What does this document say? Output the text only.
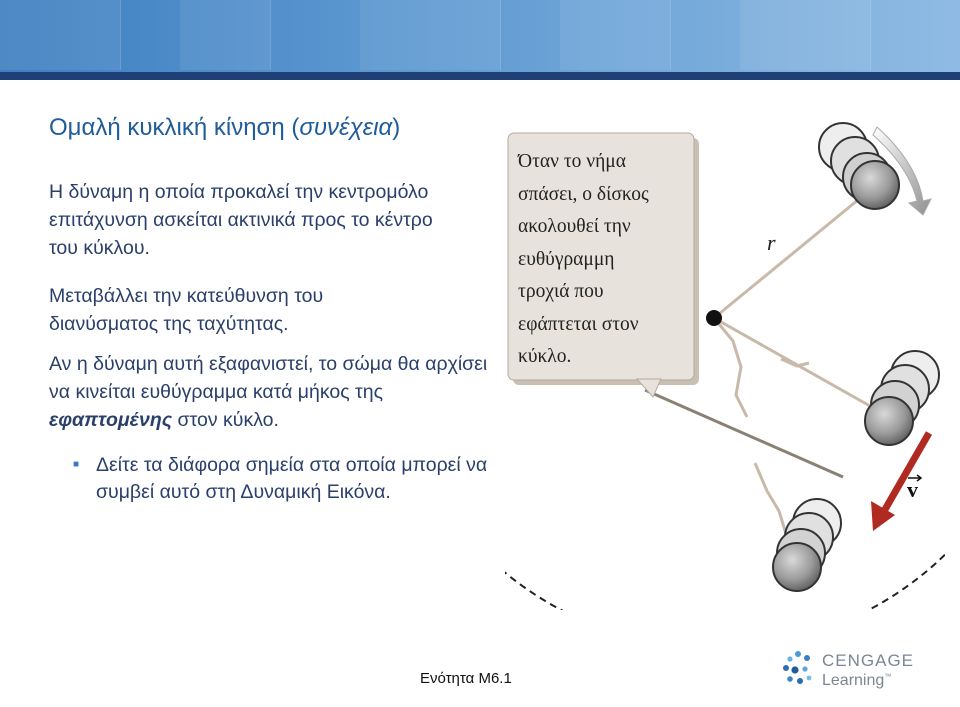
Ομαλή κυκλική κίνηση (συνέχεια)

Η δύναμη η οποία προκαλεί την κεντρομόλο επιτάχυνση ασκείται ακτινικά προς το κέντρο του κύκλου.

Μεταβάλλει την κατεύθυνση του διανύσματος της ταχύτητας.

Αν η δύναμη αυτή εξαφανιστεί, το σώμα θα αρχίσει να κινείται ευθύγραμμα κατά μήκος της εφαπτομένης στον κύκλο.

■ Δείτε τα διάφορα σημεία στα οποία μπορεί να συμβεί αυτό στη Δυναμική Εικόνα.
r
Όταν το νήμα
σπάσει, ο δίσκος
ακολουθεί την
ευθύγραμμη
τροχιά που
εφάπτεται στον
κύκλο.
v
Ενότητα Μ6.1
CENGAGE
Learning™
